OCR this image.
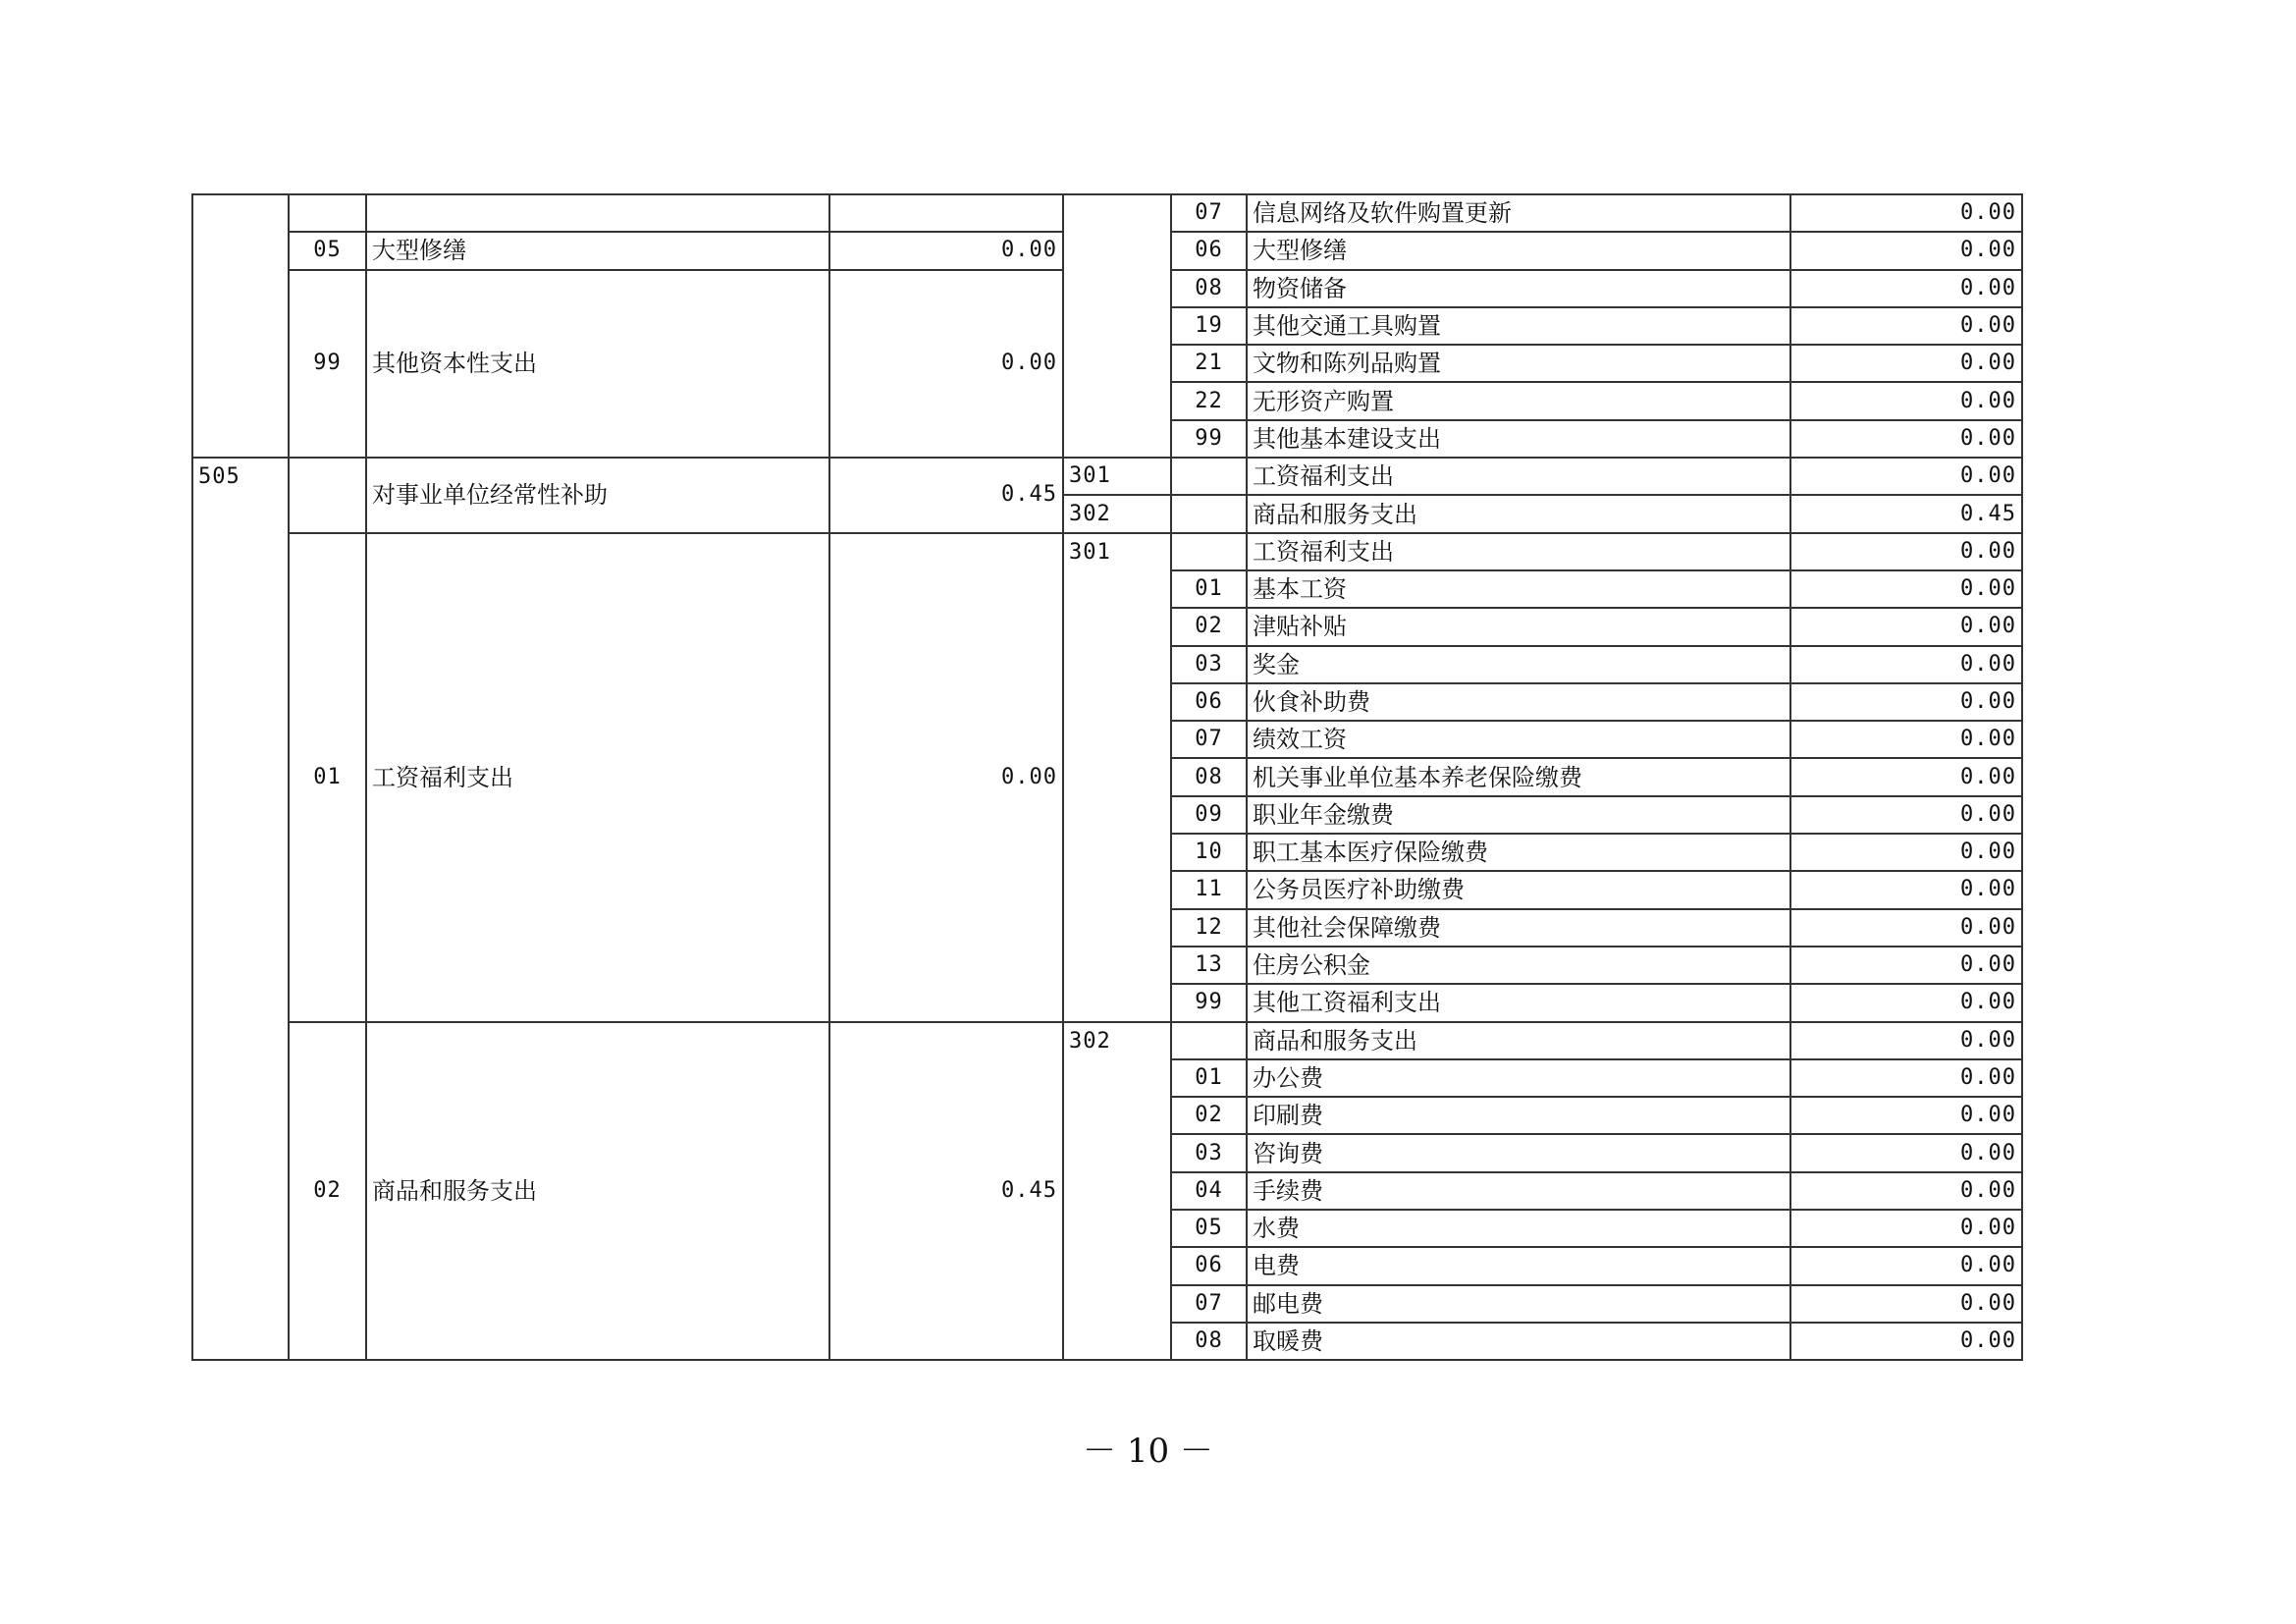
					07	信息网络及软件购置更新	0.00
	05	大型修缮	0.00		06	大型修缮	0.00
	99	其他资本性支出	0.00		08	物资储备	0.00
					19	其他交通工具购置	0.00
					21	文物和陈列品购置	0.00
					22	无形资产购置	0.00
					99	其他基本建设支出	0.00
505		对事业单位经常性补助	0.45	301		工资福利支出	0.00
				302		商品和服务支出	0.45
	01	工资福利支出	0.00	301		工资福利支出	0.00
					01	基本工资	0.00
					02	津贴补贴	0.00
					03	奖金	0.00
					06	伙食补助费	0.00
					07	绩效工资	0.00
					08	机关事业单位基本养老保险缴费	0.00
					09	职业年金缴费	0.00
					10	职工基本医疗保险缴费	0.00
					11	公务员医疗补助缴费	0.00
					12	其他社会保障缴费	0.00
					13	住房公积金	0.00
					99	其他工资福利支出	0.00
	02	商品和服务支出	0.45	302		商品和服务支出	0.00
					01	办公费	0.00
					02	印刷费	0.00
					03	咨询费	0.00
					04	手续费	0.00
					05	水费	0.00
					06	电费	0.00
					07	邮电费	0.00
					08	取暖费	0.00
－ 10 －
